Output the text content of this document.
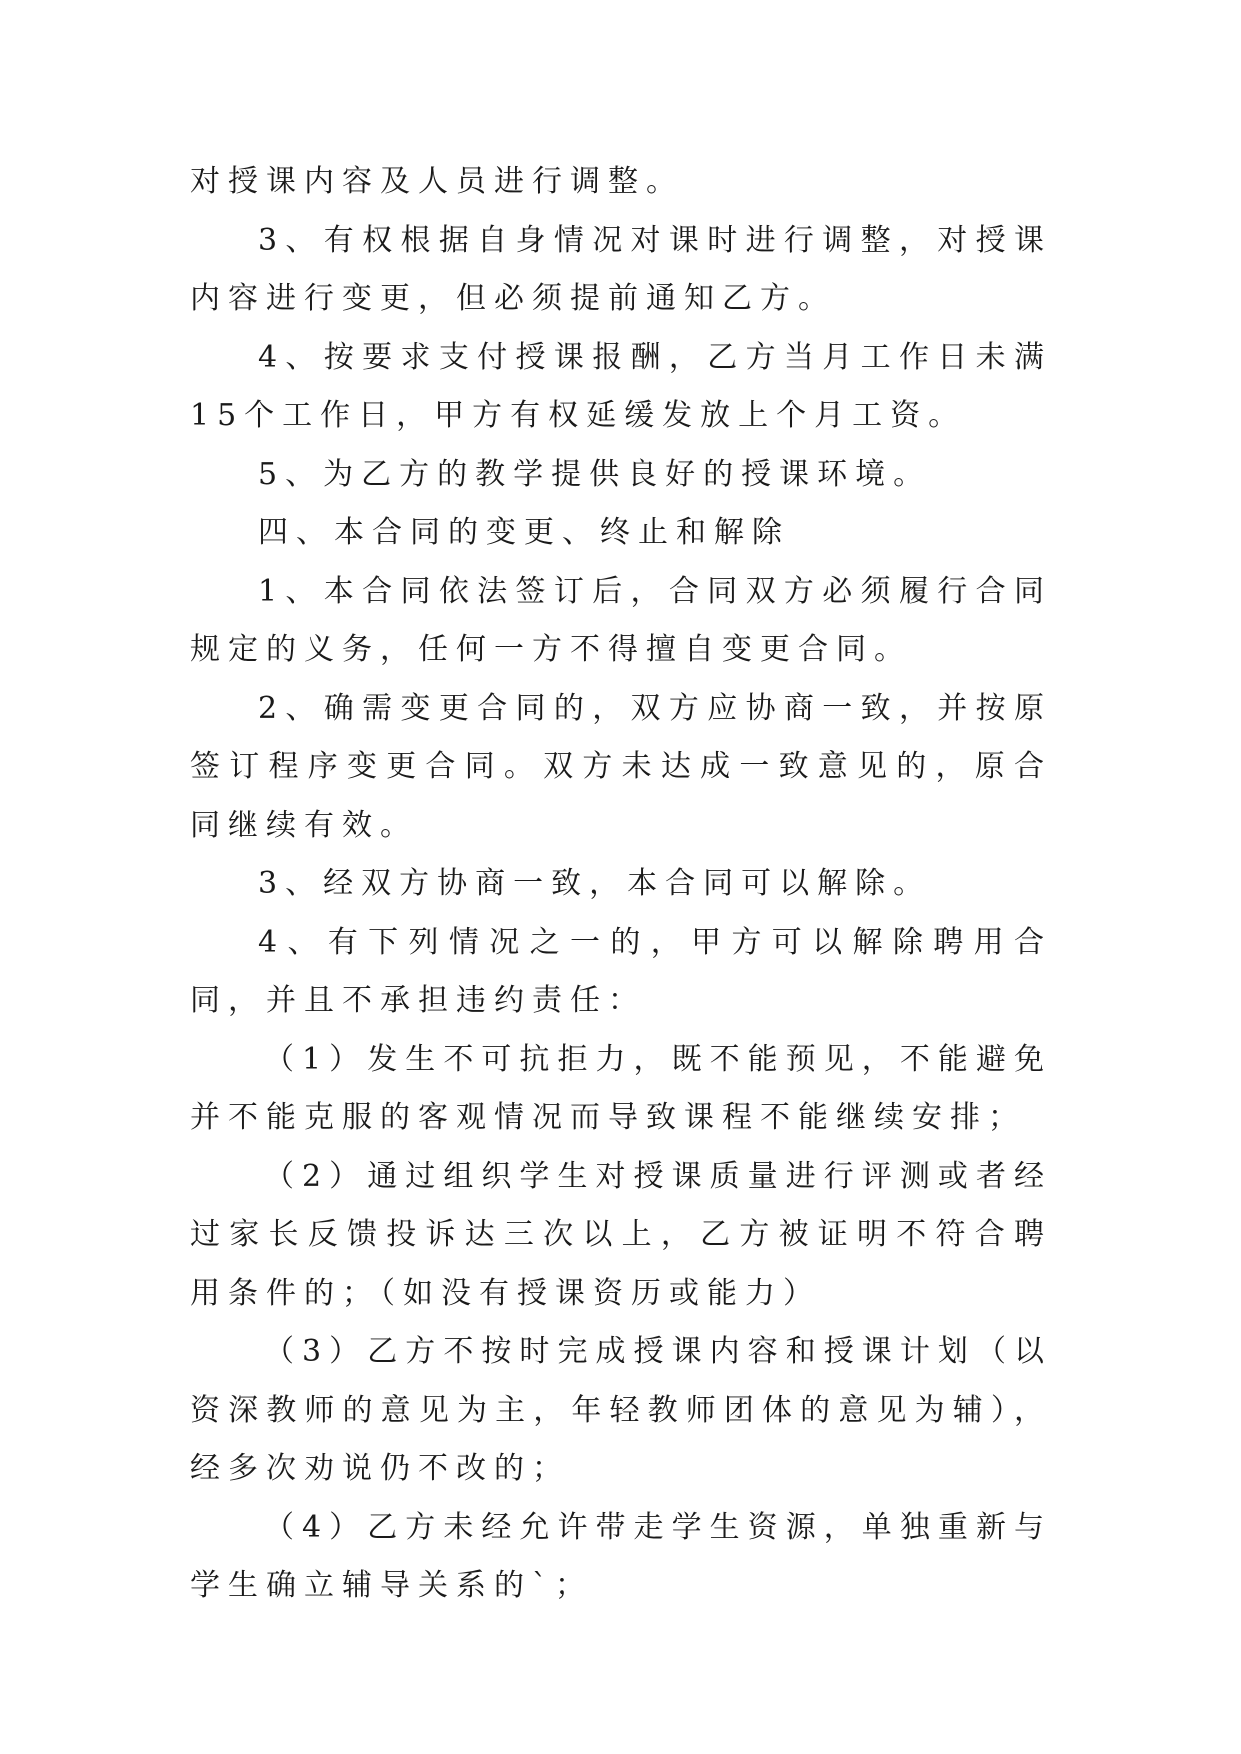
对授课内容及人员进行调整。

3、有权根据自身情况对课时进行调整，对授课内容进行变更，但必须提前通知乙方。

4、按要求支付授课报酬，乙方当月工作日未满15个工作日，甲方有权延缓发放上个月工资。

5、为乙方的教学提供良好的授课环境。

四、本合同的变更、终止和解除

1、本合同依法签订后，合同双方必须履行合同规定的义务，任何一方不得擅自变更合同。

2、确需变更合同的，双方应协商一致，并按原签订程序变更合同。双方未达成一致意见的，原合同继续有效。

3、经双方协商一致，本合同可以解除。

4、有下列情况之一的，甲方可以解除聘用合同，并且不承担违约责任：

（1）发生不可抗拒力，既不能预见，不能避免并不能克服的客观情况而导致课程不能继续安排；

（2）通过组织学生对授课质量进行评测或者经过家长反馈投诉达三次以上，乙方被证明不符合聘用条件的；（如没有授课资历或能力）

（3）乙方不按时完成授课内容和授课计划（以资深教师的意见为主，年轻教师团体的意见为辅），经多次劝说仍不改的；

（4）乙方未经允许带走学生资源，单独重新与学生确立辅导关系的`；
